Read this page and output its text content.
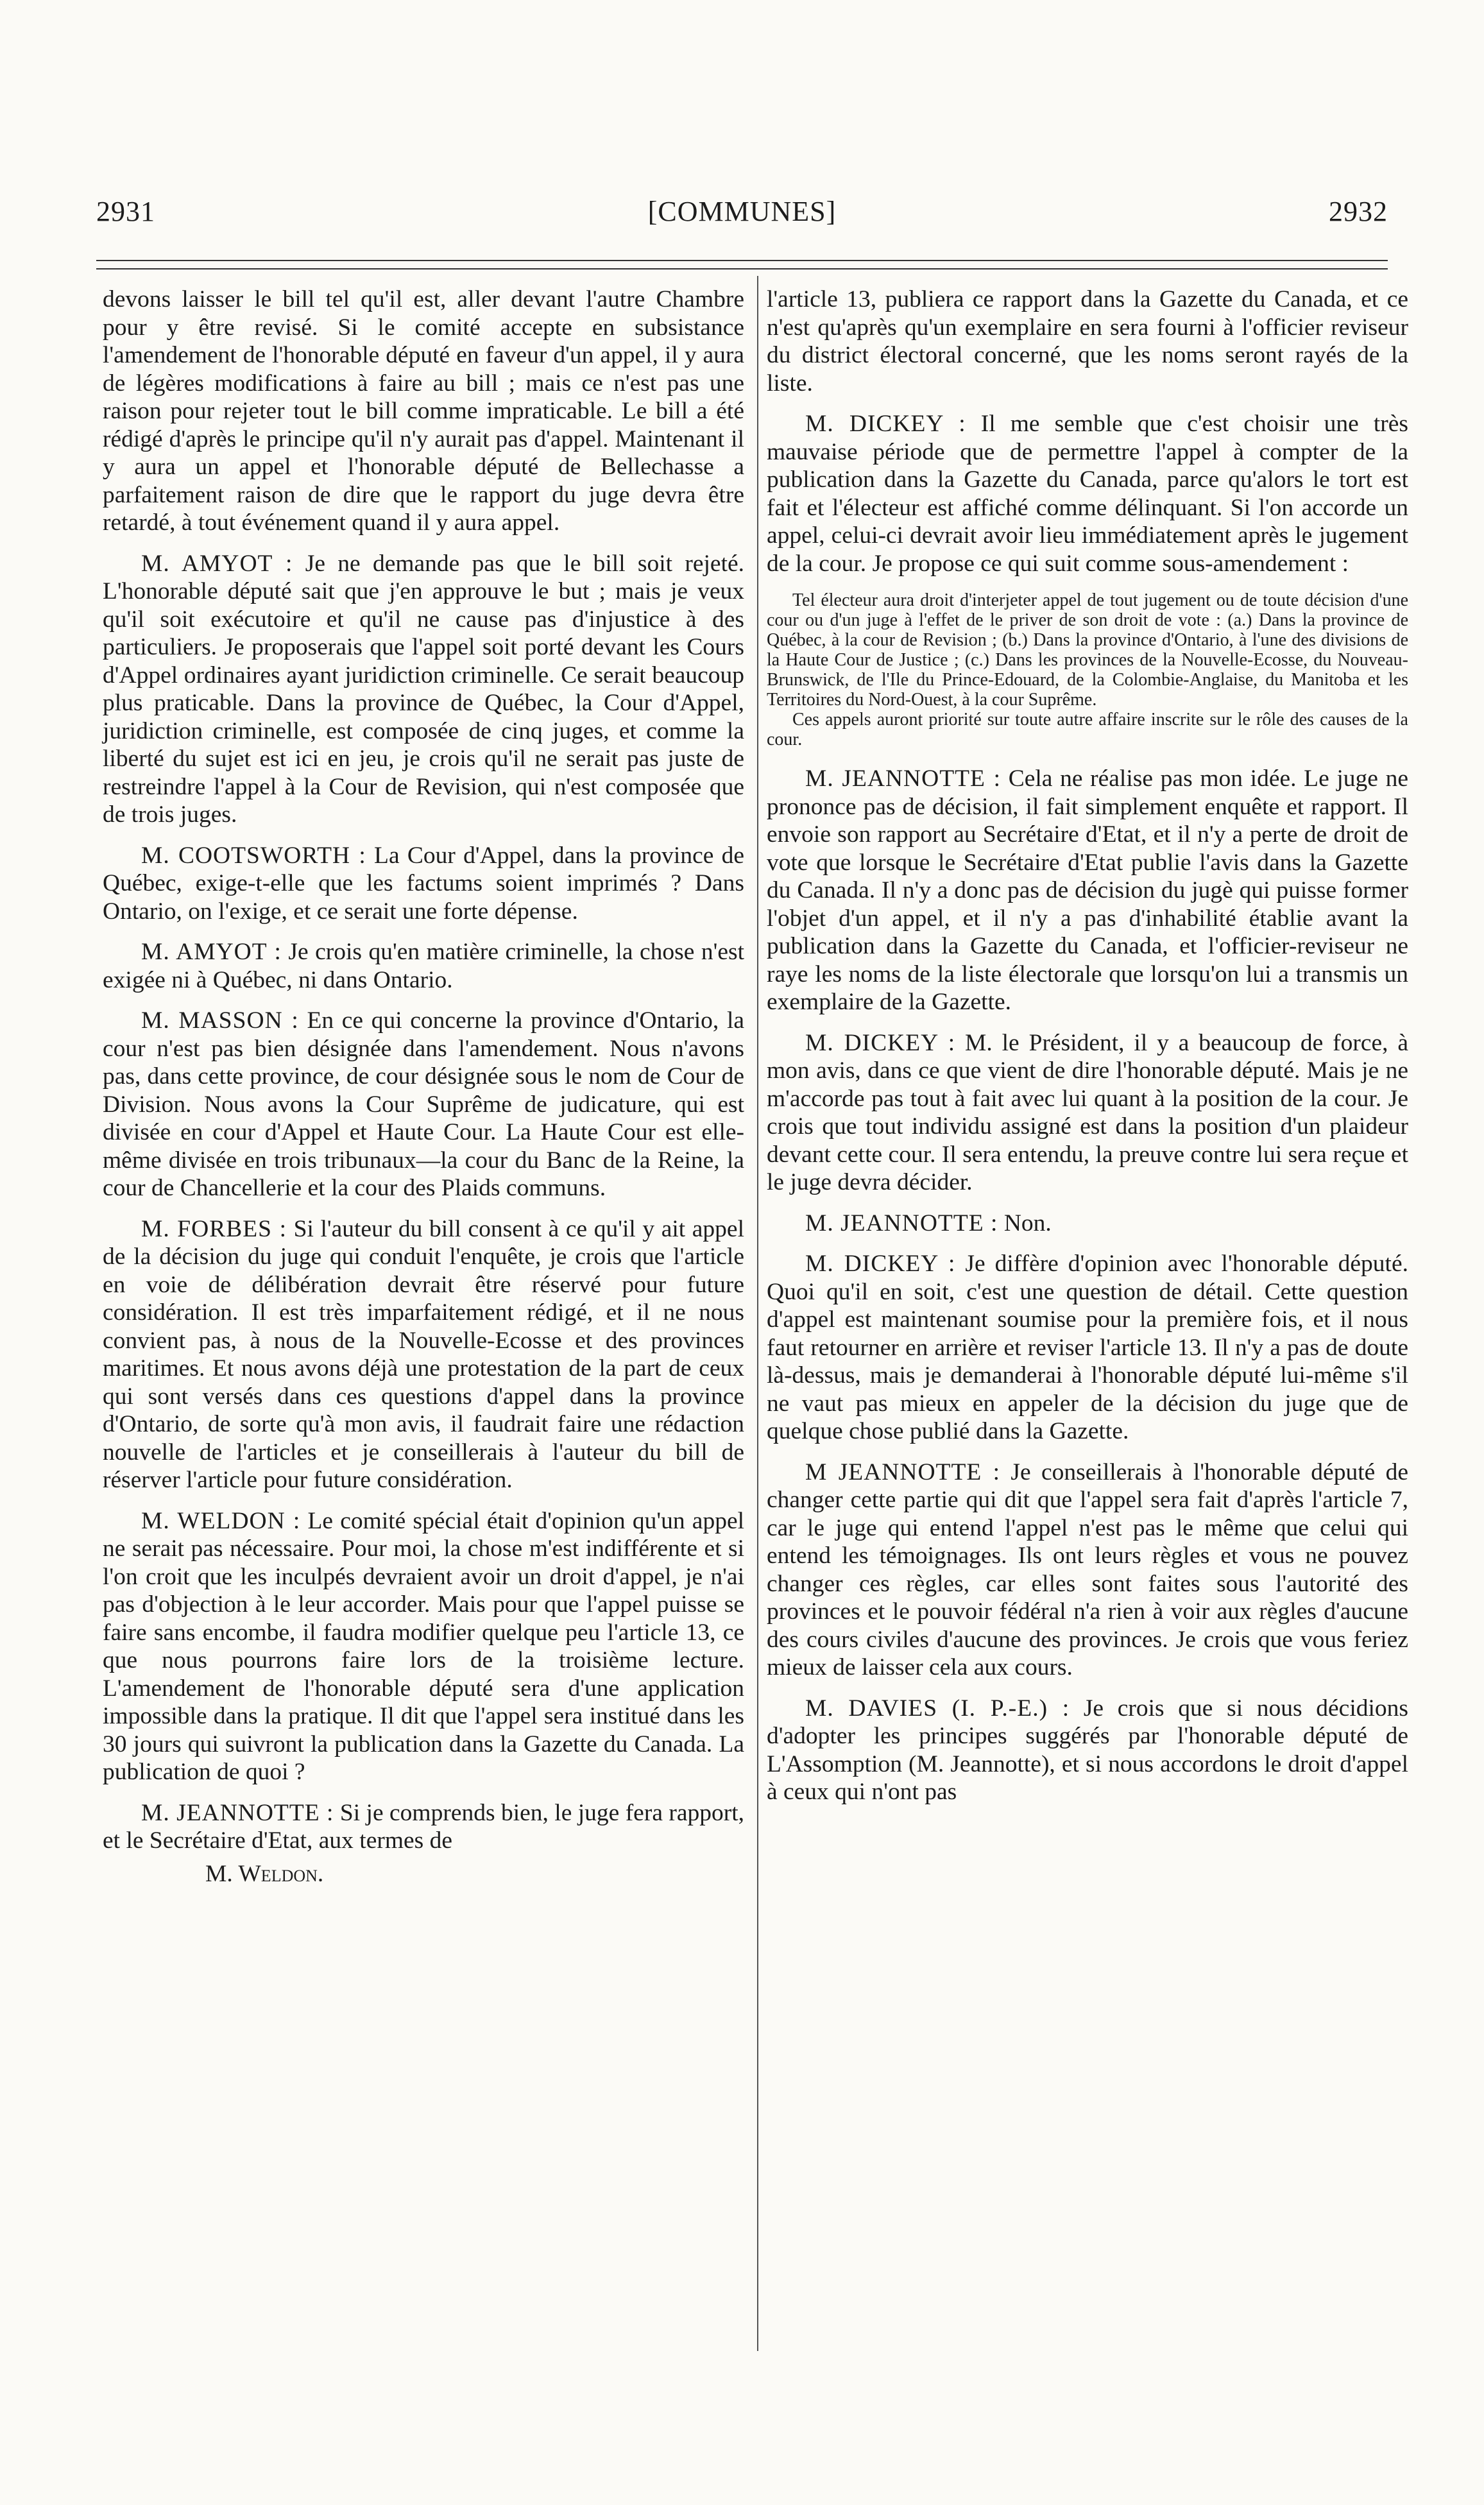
2931	[COMMUNES]	2932

devons laisser le bill tel qu'il est, aller devant l'autre Chambre pour y être revisé. Si le comité accepte en subsistance l'amendement de l'honorable député en faveur d'un appel, il y aura de légères modifications à faire au bill ; mais ce n'est pas une raison pour rejeter tout le bill comme impraticable. Le bill a été rédigé d'après le principe qu'il n'y aurait pas d'appel. Maintenant il y aura un appel et l'honorable député de Bellechasse a parfaitement raison de dire que le rapport du juge devra être retardé, à tout événement quand il y aura appel.

M. AMYOT : Je ne demande pas que le bill soit rejeté. L'honorable député sait que j'en approuve le but ; mais je veux qu'il soit exécutoire et qu'il ne cause pas d'injustice à des particuliers. Je proposerais que l'appel soit porté devant les Cours d'Appel ordinaires ayant juridiction criminelle. Ce serait beaucoup plus praticable. Dans la province de Québec, la Cour d'Appel, juridiction criminelle, est composée de cinq juges, et comme la liberté du sujet est ici en jeu, je crois qu'il ne serait pas juste de restreindre l'appel à la Cour de Revision, qui n'est composée que de trois juges.

M. COOTSWORTH : La Cour d'Appel, dans la province de Québec, exige-t-elle que les factums soient imprimés ? Dans Ontario, on l'exige, et ce serait une forte dépense.

M. AMYOT : Je crois qu'en matière criminelle, la chose n'est exigée ni à Québec, ni dans Ontario.

M. MASSON : En ce qui concerne la province d'Ontario, la cour n'est pas bien désignée dans l'amendement. Nous n'avons pas, dans cette province, de cour désignée sous le nom de Cour de Division. Nous avons la Cour Suprême de judicature, qui est divisée en cour d'Appel et Haute Cour. La Haute Cour est elle-même divisée en trois tribunaux—la cour du Banc de la Reine, la cour de Chancellerie et la cour des Plaids communs.

M. FORBES : Si l'auteur du bill consent à ce qu'il y ait appel de la décision du juge qui conduit l'enquête, je crois que l'article en voie de délibération devrait être réservé pour future considération. Il est très imparfaitement rédigé, et il ne nous convient pas, à nous de la Nouvelle-Ecosse et des provinces maritimes. Et nous avons déjà une protestation de la part de ceux qui sont versés dans ces questions d'appel dans la province d'Ontario, de sorte qu'à mon avis, il faudrait faire une rédaction nouvelle de l'articles et je conseillerais à l'auteur du bill de réserver l'article pour future considération.

M. WELDON : Le comité spécial était d'opinion qu'un appel ne serait pas nécessaire. Pour moi, la chose m'est indifférente et si l'on croit que les inculpés devraient avoir un droit d'appel, je n'ai pas d'objection à le leur accorder. Mais pour que l'appel puisse se faire sans encombe, il faudra modifier quelque peu l'article 13, ce que nous pourrons faire lors de la troisième lecture. L'amendement de l'honorable député sera d'une application impossible dans la pratique. Il dit que l'appel sera institué dans les 30 jours qui suivront la publication dans la Gazette du Canada. La publication de quoi ?

M. JEANNOTTE : Si je comprends bien, le juge fera rapport, et le Secrétaire d'Etat, aux termes de

M. Weldon.

l'article 13, publiera ce rapport dans la Gazette du Canada, et ce n'est qu'après qu'un exemplaire en sera fourni à l'officier reviseur du district électoral concerné, que les noms seront rayés de la liste.

M. DICKEY : Il me semble que c'est choisir une très mauvaise période que de permettre l'appel à compter de la publication dans la Gazette du Canada, parce qu'alors le tort est fait et l'électeur est affiché comme délinquant. Si l'on accorde un appel, celui-ci devrait avoir lieu immédiatement après le jugement de la cour. Je propose ce qui suit comme sous-amendement :

Tel électeur aura droit d'interjeter appel de tout jugement ou de toute décision d'une cour ou d'un juge à l'effet de le priver de son droit de vote : (a.) Dans la province de Québec, à la cour de Revision ; (b.) Dans la province d'Ontario, à l'une des divisions de la Haute Cour de Justice ; (c.) Dans les provinces de la Nouvelle-Ecosse, du Nouveau-Brunswick, de l'Ile du Prince-Edouard, de la Colombie-Anglaise, du Manitoba et les Territoires du Nord-Ouest, à la cour Suprême.

Ces appels auront priorité sur toute autre affaire inscrite sur le rôle des causes de la cour.

M. JEANNOTTE : Cela ne réalise pas mon idée. Le juge ne prononce pas de décision, il fait simplement enquête et rapport. Il envoie son rapport au Secrétaire d'Etat, et il n'y a perte de droit de vote que lorsque le Secrétaire d'Etat publie l'avis dans la Gazette du Canada. Il n'y a donc pas de décision du jugè qui puisse former l'objet d'un appel, et il n'y a pas d'inhabilité établie avant la publication dans la Gazette du Canada, et l'officier-reviseur ne raye les noms de la liste électorale que lorsqu'on lui a transmis un exemplaire de la Gazette.

M. DICKEY : M. le Président, il y a beaucoup de force, à mon avis, dans ce que vient de dire l'honorable député. Mais je ne m'accorde pas tout à fait avec lui quant à la position de la cour. Je crois que tout individu assigné est dans la position d'un plaideur devant cette cour. Il sera entendu, la preuve contre lui sera reçue et le juge devra décider.

M. JEANNOTTE : Non.

M. DICKEY : Je diffère d'opinion avec l'honorable député. Quoi qu'il en soit, c'est une question de détail. Cette question d'appel est maintenant soumise pour la première fois, et il nous faut retourner en arrière et reviser l'article 13. Il n'y a pas de doute là-dessus, mais je demanderai à l'honorable député lui-même s'il ne vaut pas mieux en appeler de la décision du juge que de quelque chose publié dans la Gazette.

M JEANNOTTE : Je conseillerais à l'honorable député de changer cette partie qui dit que l'appel sera fait d'après l'article 7, car le juge qui entend l'appel n'est pas le même que celui qui entend les témoignages. Ils ont leurs règles et vous ne pouvez changer ces règles, car elles sont faites sous l'autorité des provinces et le pouvoir fédéral n'a rien à voir aux règles d'aucune des cours civiles d'aucune des provinces. Je crois que vous feriez mieux de laisser cela aux cours.

M. DAVIES (I. P.-E.) : Je crois que si nous décidions d'adopter les principes suggérés par l'honorable député de L'Assomption (M. Jeannotte), et si nous accordons le droit d'appel à ceux qui n'ont pas
